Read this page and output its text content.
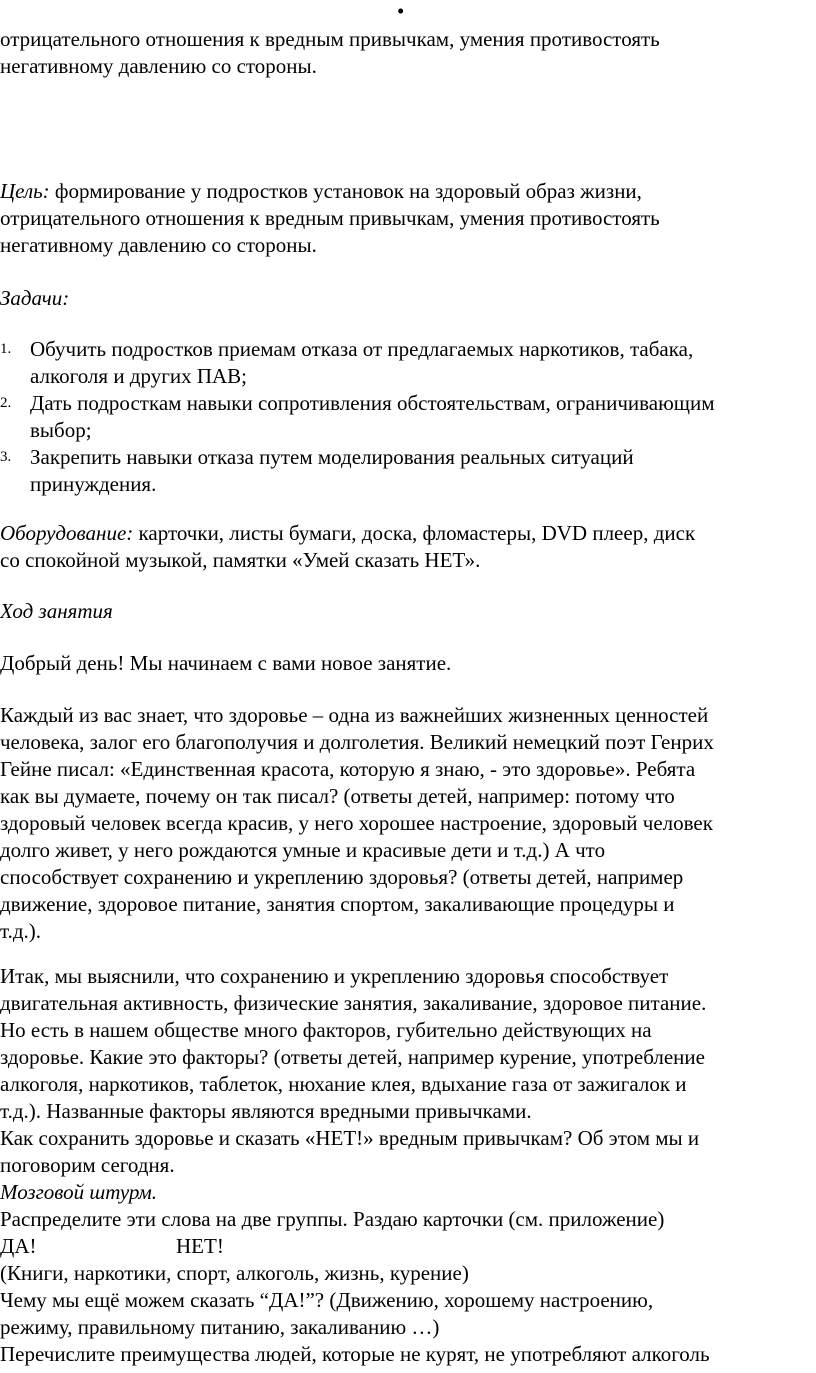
•
отрицательного отношения к вредным привычкам, умения противостоять
негативному давлению со стороны.
Цель: формирование у подростков установок на здоровый образ жизни,
отрицательного отношения к вредным привычкам, умения противостоять
негативному давлению со стороны.
Задачи:
1. Обучить подростков приемам отказа от предлагаемых наркотиков, табака,
алкоголя и других ПАВ;
2. Дать подросткам навыки сопротивления обстоятельствам, ограничивающим
выбор;
3. Закрепить навыки отказа путем моделирования реальных ситуаций
принуждения.
Оборудование: карточки, листы бумаги, доска, фломастеры, DVD плеер, диск
со спокойной музыкой, памятки «Умей сказать НЕТ».
Ход занятия
Добрый день! Мы начинаем с вами новое занятие.
Каждый из вас знает, что здоровье – одна из важнейших жизненных ценностей
человека, залог его благополучия и долголетия. Великий немецкий поэт Генрих
Гейне писал: «Единственная красота, которую я знаю, - это здоровье». Ребята
как вы думаете, почему он так писал? (ответы детей, например: потому что
здоровый человек всегда красив, у него хорошее настроение, здоровый человек
долго живет, у него рождаются умные и красивые дети и т.д.) А что
способствует сохранению и укреплению здоровья? (ответы детей, например
движение, здоровое питание, занятия спортом, закаливающие процедуры и
т.д.).
Итак, мы выяснили, что сохранению и укреплению здоровья способствует
двигательная активность, физические занятия, закаливание, здоровое питание.
Но есть в нашем обществе много факторов, губительно действующих на
здоровье. Какие это факторы? (ответы детей, например курение, употребление
алкоголя, наркотиков, таблеток, нюхание клея, вдыхание газа от зажигалок и
т.д.). Названные факторы являются вредными привычками.
Как сохранить здоровье и сказать «НЕТ!» вредным привычкам? Об этом мы и
поговорим сегодня.
Мозговой штурм.
Распределите эти слова на две группы. Раздаю карточки (см. приложение)
ДА!	НЕТ!
(Книги, наркотики, спорт, алкоголь, жизнь, курение)
Чему мы ещё можем сказать “ДА!”? (Движению, хорошему настроению,
режиму, правильному питанию, закаливанию …)
Перечислите преимущества людей, которые не курят, не употребляют алкоголь
